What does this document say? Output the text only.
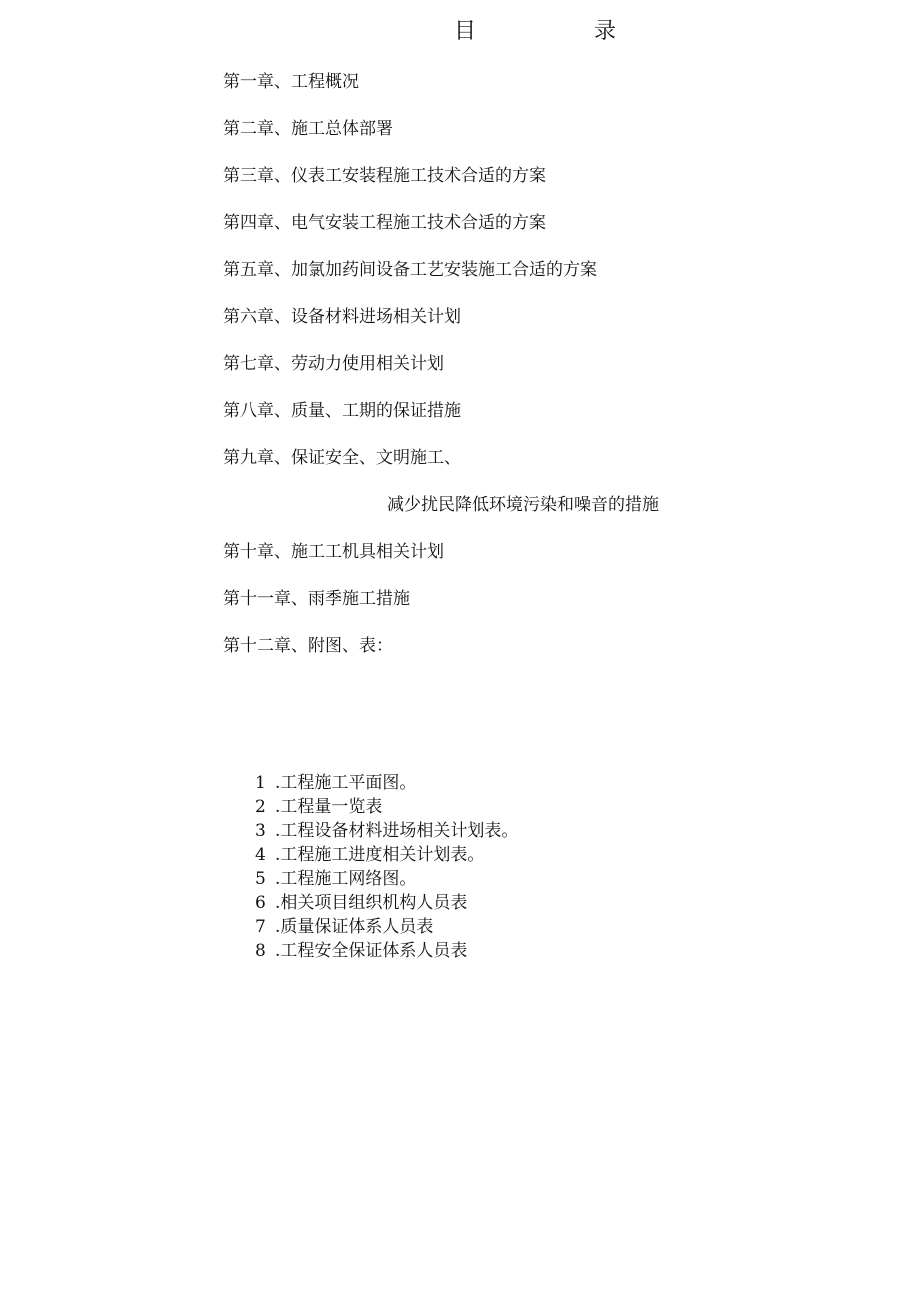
目	录
第一章、工程概况
第二章、施工总体部署
第三章、仪表工安装程施工技术合适的方案
第四章、电气安装工程施工技术合适的方案
第五章、加氯加药间设备工艺安装施工合适的方案
第六章、设备材料进场相关计划
第七章、劳动力使用相关计划
第八章、质量、工期的保证措施
第九章、保证安全、文明施工、
减少扰民降低环境污染和噪音的措施
第十章、施工工机具相关计划
第十一章、雨季施工措施
第十二章、附图、表：
1 .工程施工平面图。
2 .工程量一览表
3 .工程设备材料进场相关计划表。
4 .工程施工进度相关计划表。
5 .工程施工网络图。
6 .相关项目组织机构人员表
7 .质量保证体系人员表
8 .工程安全保证体系人员表
